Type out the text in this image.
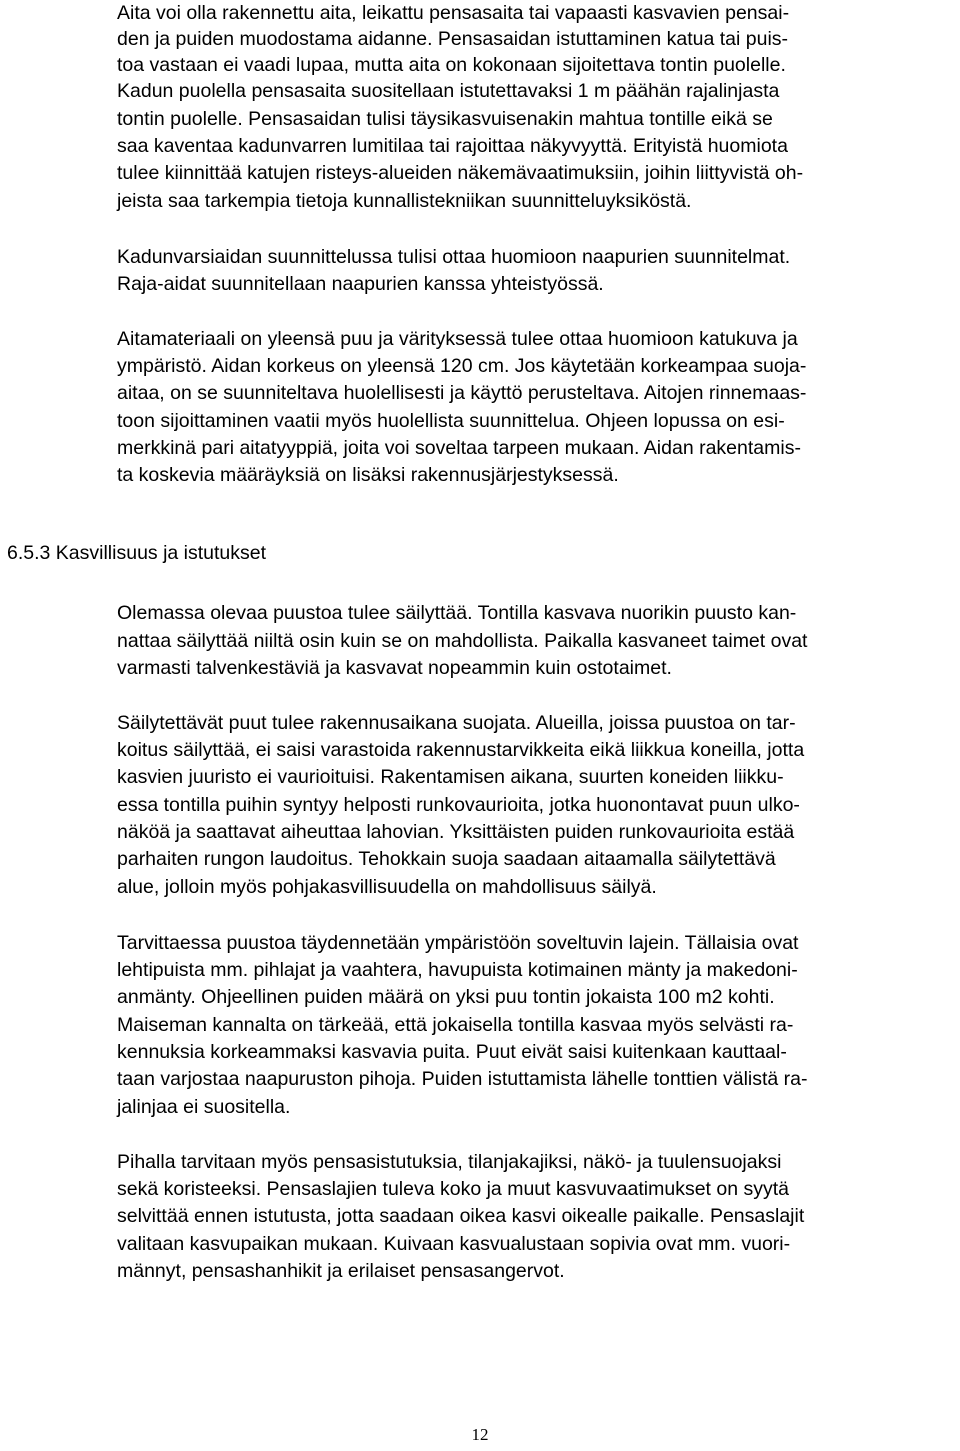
Aita voi olla rakennettu aita, leikattu pensasaita tai vapaasti kasvavien pensai-
den ja puiden muodostama aidanne. Pensasaidan istuttaminen katua tai puis-
toa vastaan ei vaadi lupaa, mutta aita on kokonaan sijoitettava tontin puolelle.
Kadun puolella pensasaita suositellaan istutettavaksi 1 m päähän rajalinjasta
tontin puolelle. Pensasaidan tulisi täysikasvuisenakin mahtua tontille eikä se
saa kaventaa kadunvarren lumitilaa tai rajoittaa näkyvyyttä. Erityistä huomiota
tulee kiinnittää katujen risteys-alueiden näkemävaatimuksiin, joihin liittyvistä oh-
jeista saa tarkempia tietoja kunnallistekniikan suunnitteluyksiköstä.
Kadunvarsiaidan suunnittelussa tulisi ottaa huomioon naapurien suunnitelmat.
Raja-aidat suunnitellaan naapurien kanssa yhteistyössä.
Aitamateriaali on yleensä puu ja värityksessä tulee ottaa huomioon katukuva ja
ympäristö. Aidan korkeus on yleensä 120 cm. Jos käytetään korkeampaa suoja-
aitaa, on se suunniteltava huolellisesti ja käyttö perusteltava. Aitojen rinnemaas-
toon sijoittaminen vaatii myös huolellista suunnittelua. Ohjeen lopussa on esi-
merkkinä pari aitatyyppiä, joita voi soveltaa tarpeen mukaan. Aidan rakentamis-
ta koskevia määräyksiä on lisäksi rakennusjärjestyksessä.
6.5.3 Kasvillisuus ja istutukset
Olemassa olevaa puustoa tulee säilyttää. Tontilla kasvava nuorikin puusto kan-
nattaa säilyttää niiltä osin kuin se on mahdollista. Paikalla kasvaneet taimet ovat
varmasti talvenkestäviä ja kasvavat nopeammin kuin ostotaimet.
Säilytettävät puut tulee rakennusaikana suojata. Alueilla, joissa puustoa on tar-
koitus säilyttää, ei saisi varastoida rakennustarvikkeita eikä liikkua koneilla, jotta
kasvien juuristo ei vaurioituisi. Rakentamisen aikana, suurten koneiden liikku-
essa tontilla puihin syntyy helposti runkovaurioita, jotka huonontavat puun ulko-
näköä ja saattavat aiheuttaa lahovian. Yksittäisten puiden runkovaurioita estää
parhaiten rungon laudoitus. Tehokkain suoja saadaan aitaamalla säilytettävä
alue, jolloin myös pohjakasvillisuudella on mahdollisuus säilyä.
Tarvittaessa puustoa täydennetään ympäristöön soveltuvin lajein. Tällaisia ovat
lehtipuista mm. pihlajat ja vaahtera, havupuista kotimainen mänty ja makedoni-
anmänty. Ohjeellinen puiden määrä on yksi puu tontin jokaista 100 m2 kohti.
Maiseman kannalta on tärkeää, että jokaisella tontilla kasvaa myös selvästi ra-
kennuksia korkeammaksi kasvavia puita. Puut eivät saisi kuitenkaan kauttaal-
taan varjostaa naapuruston pihoja. Puiden istuttamista lähelle tonttien välistä ra-
jalinjaa ei suositella.
Pihalla tarvitaan myös pensasistutuksia, tilanjakajiksi, näkö- ja tuulensuojaksi
sekä koristeeksi. Pensaslajien tuleva koko ja muut kasvuvaatimukset on syytä
selvittää ennen istutusta, jotta saadaan oikea kasvi oikealle paikalle. Pensaslajit
valitaan kasvupaikan mukaan. Kuivaan kasvualustaan sopivia ovat mm. vuori-
männyt, pensashanhikit ja erilaiset pensasangervot.
12
